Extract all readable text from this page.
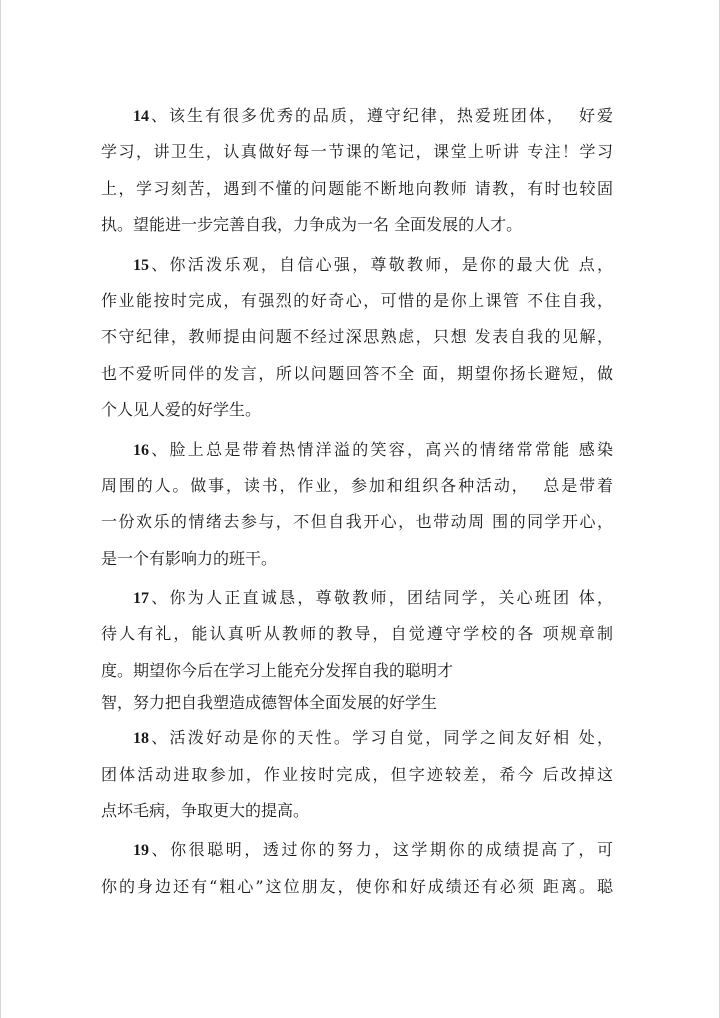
14、该生有很多优秀的品质，遵守纪律，热爱班团体，  好爱
学习，讲卫生，认真做好每一节课的笔记，课堂上听讲 专注！学习
上，学习刻苦，遇到不懂的问题能不断地向教师 请教，有时也较固
执。望能进一步完善自我，力争成为一名 全面发展的人才。
15、你活泼乐观，自信心强，尊敬教师，是你的最大优 点，
作业能按时完成，有强烈的好奇心，可惜的是你上课管 不住自我，
不守纪律，教师提由问题不经过深思熟虑，只想 发表自我的见解，
也不爱听同伴的发言，所以问题回答不全 面，期望你扬长避短，做
个人见人爱的好学生。
16、脸上总是带着热情洋溢的笑容，高兴的情绪常常能 感染
周围的人。做事，读书，作业，参加和组织各种活动，  总是带着
一份欢乐的情绪去参与，不但自我开心，也带动周 围的同学开心，
是一个有影响力的班干。
17、你为人正直诚恳，尊敬教师，团结同学，关心班团 体，
待人有礼，能认真听从教师的教导，自觉遵守学校的各 项规章制
度。期望你今后在学习上能充分发挥自我的聪明才
智，努力把自我塑造成德智体全面发展的好学生
18、活泼好动是你的天性。学习自觉，同学之间友好相 处，
团体活动进取参加，作业按时完成，但字迹较差，希今 后改掉这
点坏毛病，争取更大的提高。
19、你很聪明，透过你的努力，这学期你的成绩提高了，可
你的身边还有“粗心”这位朋友，使你和好成绩还有必须 距离。聪
